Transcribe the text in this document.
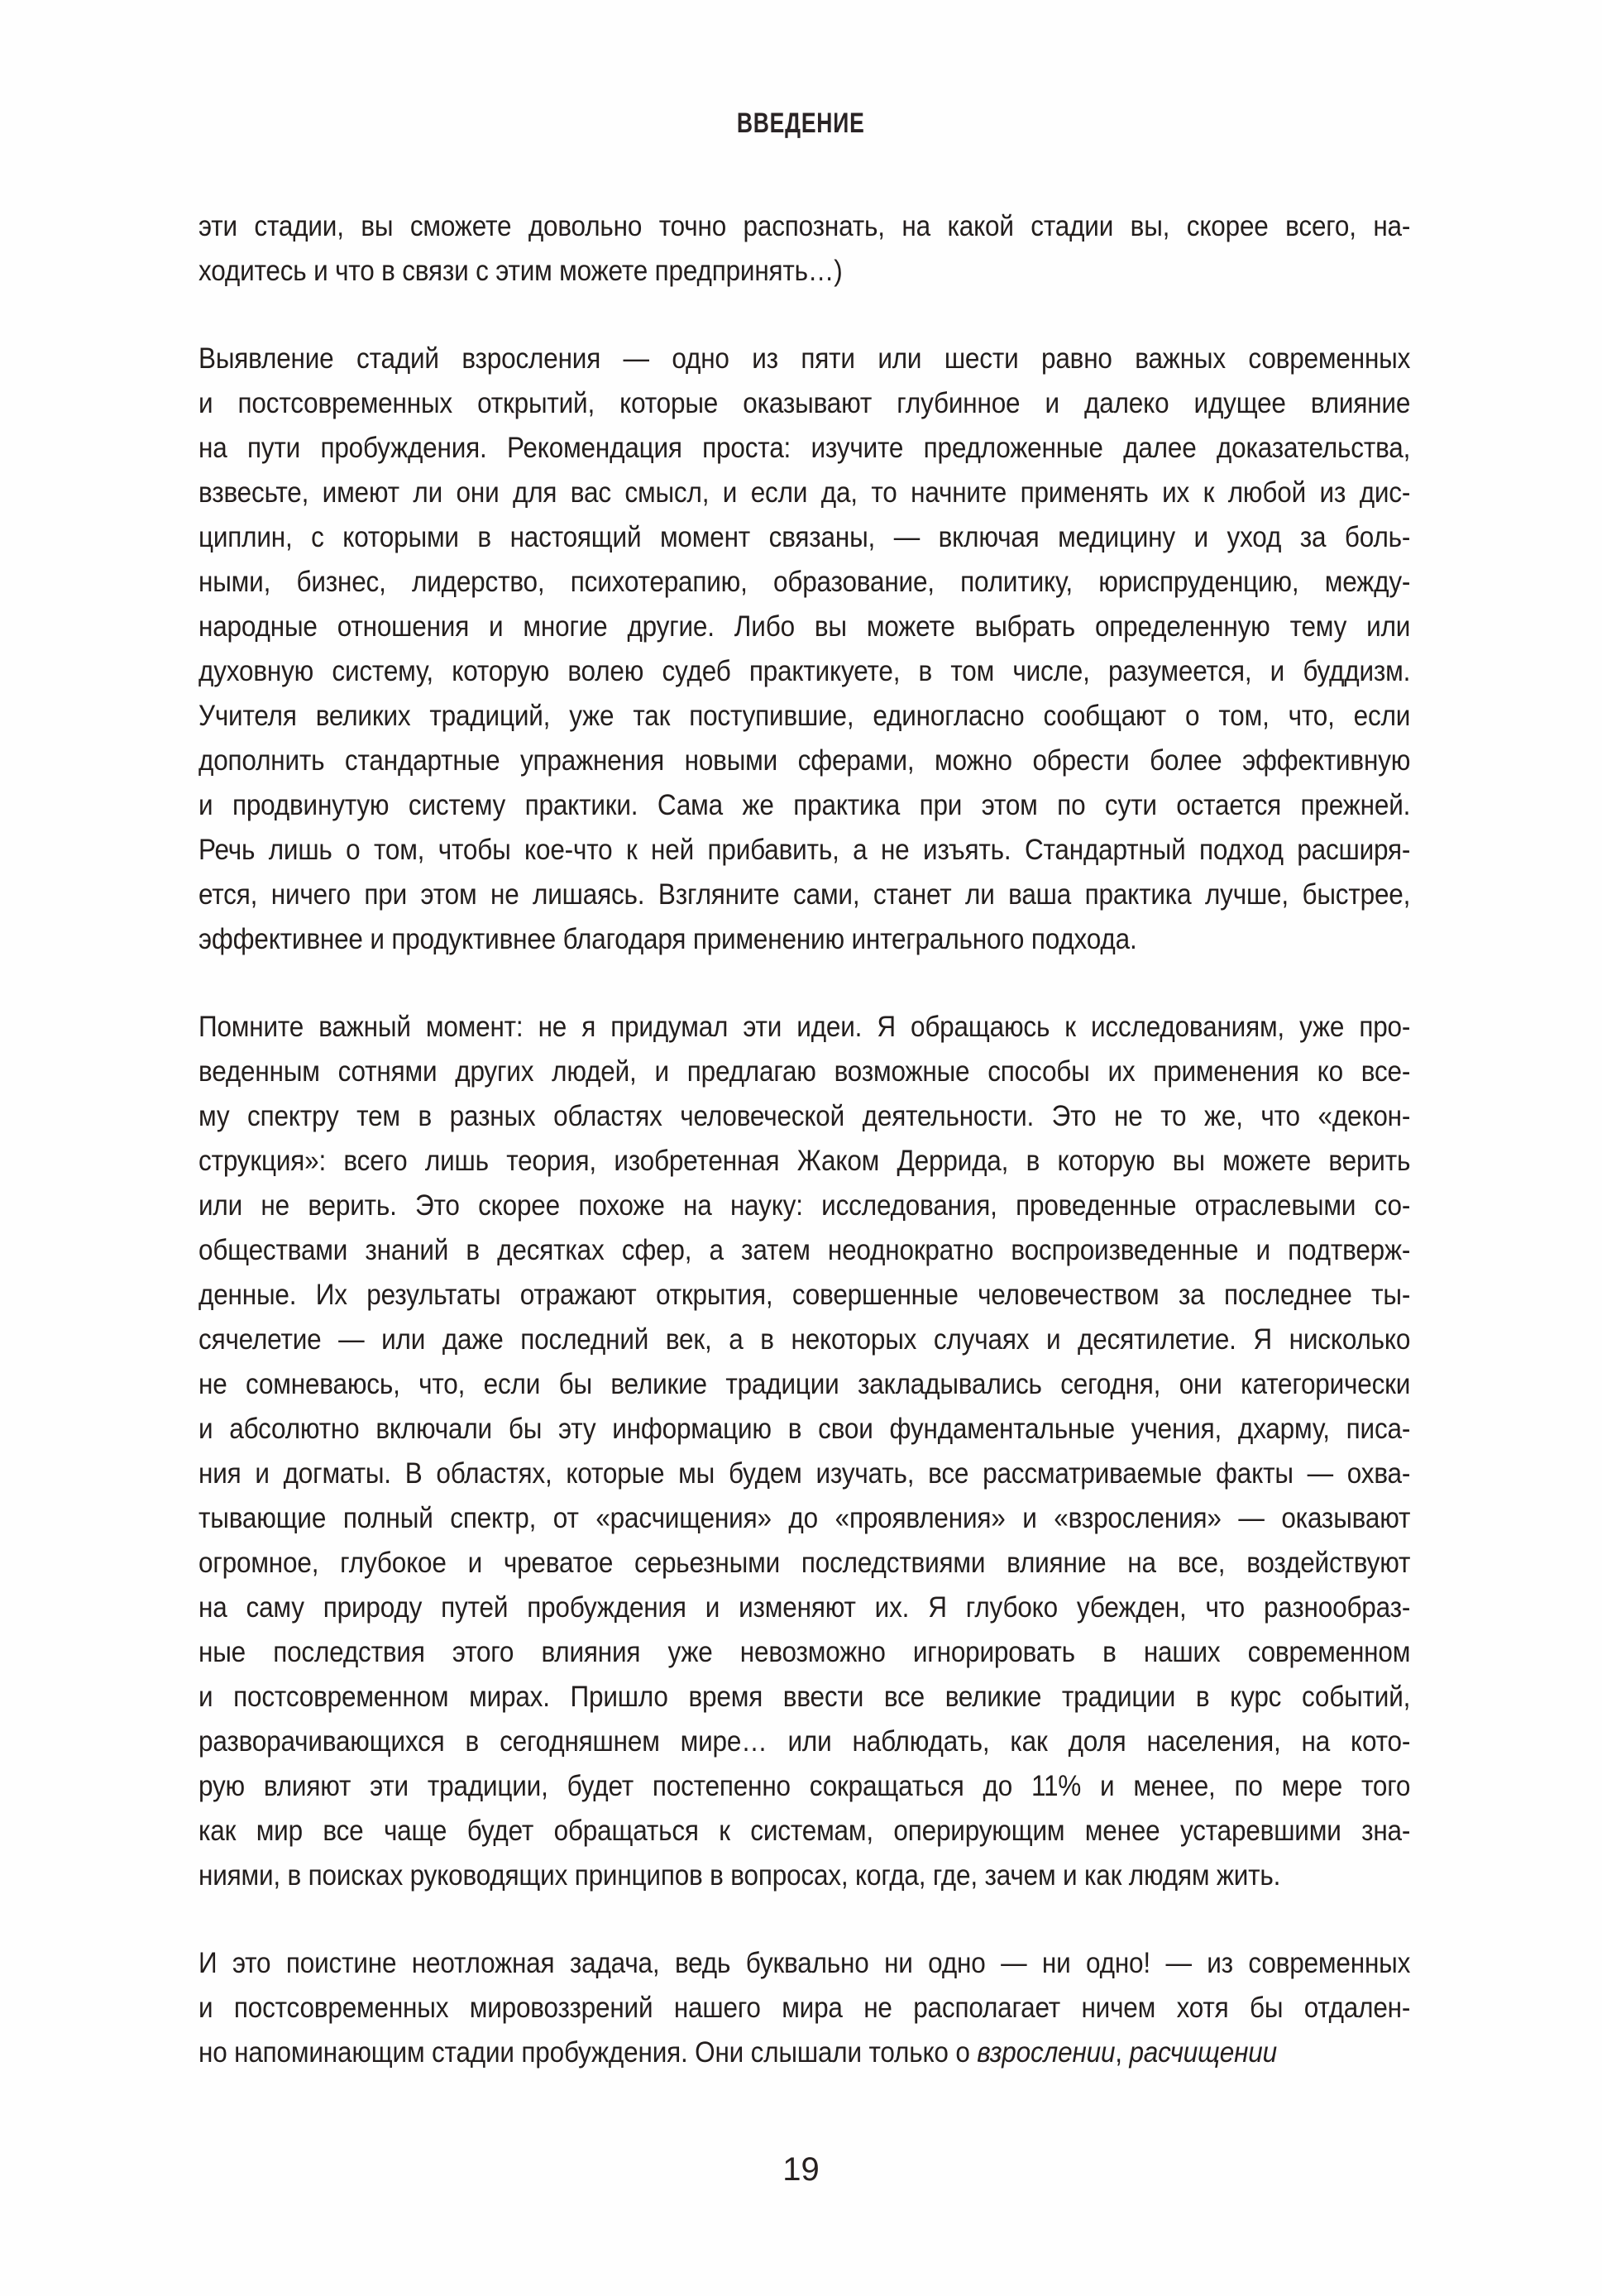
ВВЕДЕНИЕ
эти стадии, вы сможете довольно точно распознать, на какой стадии вы, скорее всего, на-
ходитесь и что в связи с этим можете предпринять…)
Выявление стадий взросления — одно из пяти или шести равно важных современных
и постсовременных открытий, которые оказывают глубинное и далеко идущее влияние
на пути пробуждения. Рекомендация проста: изучите предложенные далее доказательства,
взвесьте, имеют ли они для вас смысл, и если да, то начните применять их к любой из дис-
циплин, с которыми в настоящий момент связаны, — включая медицину и уход за боль-
ными, бизнес, лидерство, психотерапию, образование, политику, юриспруденцию, между-
народные отношения и многие другие. Либо вы можете выбрать определенную тему или
духовную систему, которую волею судеб практикуете, в том числе, разумеется, и буддизм.
Учителя великих традиций, уже так поступившие, единогласно сообщают о том, что, если
дополнить стандартные упражнения новыми сферами, можно обрести более эффективную
и продвинутую систему практики. Сама же практика при этом по сути остается прежней.
Речь лишь о том, чтобы кое-что к ней прибавить, а не изъять. Стандартный подход расширя-
ется, ничего при этом не лишаясь. Взгляните сами, станет ли ваша практика лучше, быстрее,
эффективнее и продуктивнее благодаря применению интегрального подхода.
Помните важный момент: не я придумал эти идеи. Я обращаюсь к исследованиям, уже про-
веденным сотнями других людей, и предлагаю возможные способы их применения ко все-
му спектру тем в разных областях человеческой деятельности. Это не то же, что «декон-
струкция»: всего лишь теория, изобретенная Жаком Деррида, в которую вы можете верить
или не верить. Это скорее похоже на науку: исследования, проведенные отраслевыми со-
обществами знаний в десятках сфер, а затем неоднократно воспроизведенные и подтверж-
денные. Их результаты отражают открытия, совершенные человечеством за последнее ты-
сячелетие — или даже последний век, а в некоторых случаях и десятилетие. Я нисколько
не сомневаюсь, что, если бы великие традиции закладывались сегодня, они категорически
и абсолютно включали бы эту информацию в свои фундаментальные учения, дхарму, писа-
ния и догматы. В областях, которые мы будем изучать, все рассматриваемые факты — охва-
тывающие полный спектр, от «расчищения» до «проявления» и «взросления» — оказывают
огромное, глубокое и чреватое серьезными последствиями влияние на все, воздействуют
на саму природу путей пробуждения и изменяют их. Я глубоко убежден, что разнообраз-
ные последствия этого влияния уже невозможно игнорировать в наших современном
и постсовременном мирах. Пришло время ввести все великие традиции в курс событий,
разворачивающихся в сегодняшнем мире… или наблюдать, как доля населения, на кото-
рую влияют эти традиции, будет постепенно сокращаться до 11% и менее, по мере того
как мир все чаще будет обращаться к системам, оперирующим менее устаревшими зна-
ниями, в поисках руководящих принципов в вопросах, когда, где, зачем и как людям жить.
И это поистине неотложная задача, ведь буквально ни одно — ни одно! — из современных
и постсовременных мировоззрений нашего мира не располагает ничем хотя бы отдален-
но напоминающим стадии пробуждения. Они слышали только о взрослении, расчищении
19
